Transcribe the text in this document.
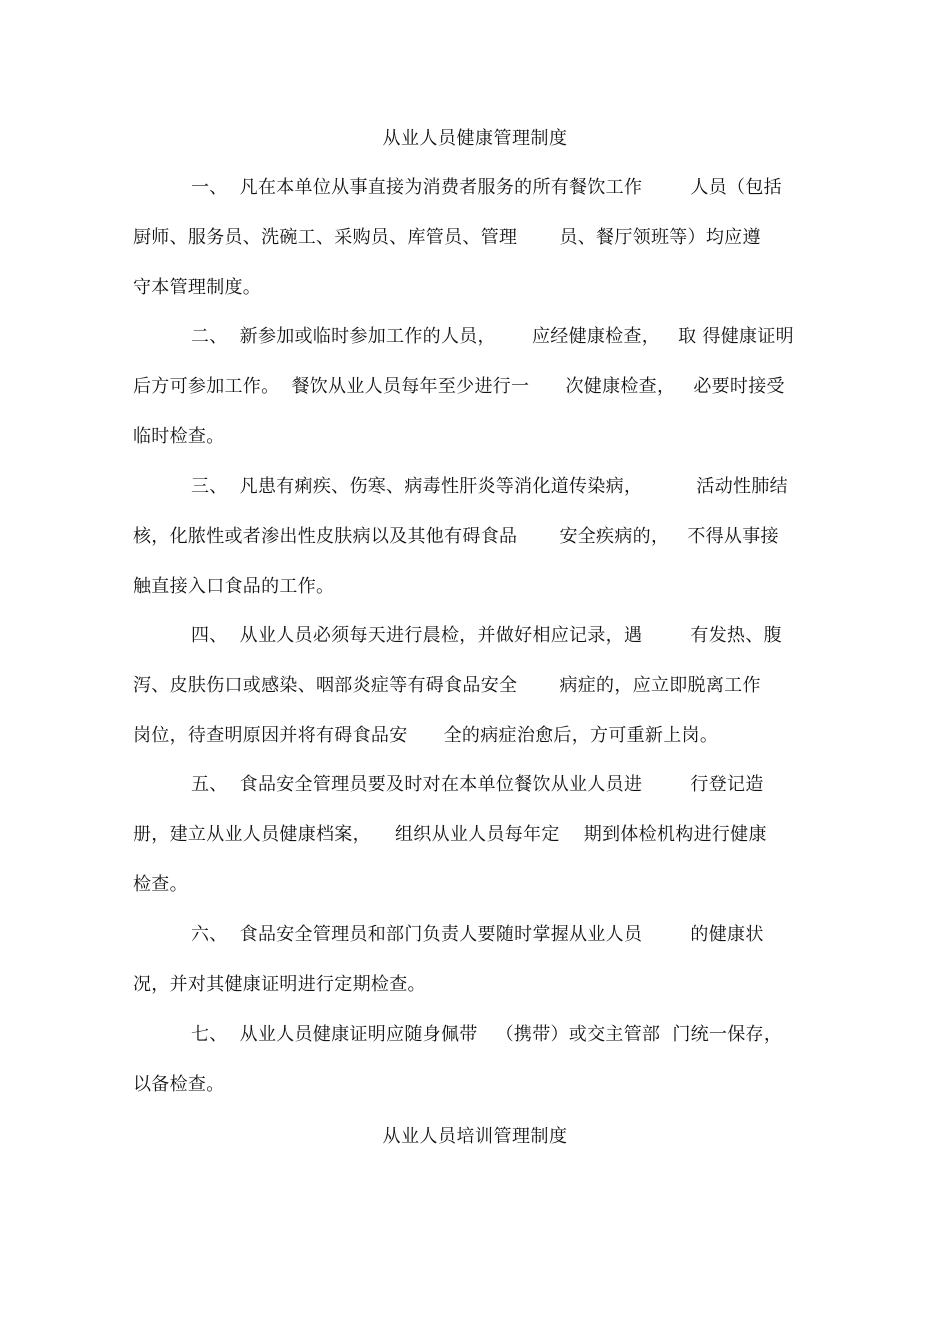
从业人员健康管理制度
一、  凡在本单位从事直接为消费者服务的所有餐饮工作        人员（包括
厨师、服务员、洗碗工、采购员、库管员、管理       员、餐厅领班等）均应遵
守本管理制度。
二、  新参加或临时参加工作的人员，      应经健康检查，   取 得健康证明
后方可参加工作。  餐饮从业人员每年至少进行一      次健康检查，   必要时接受
临时检查。
三、  凡患有痢疾、伤寒、病毒性肝炎等消化道传染病，         活动性肺结
核，化脓性或者渗出性皮肤病以及其他有碍食品       安全疾病的，   不得从事接
触直接入口食品的工作。
四、  从业人员必须每天进行晨检，并做好相应记录，遇        有发热、腹
泻、皮肤伤口或感染、咽部炎症等有碍食品安全       病症的，应立即脱离工作
岗位，待查明原因并将有碍食品安      全的病症治愈后，方可重新上岗。
五、  食品安全管理员要及时对在本单位餐饮从业人员进        行登记造
册，建立从业人员健康档案，    组织从业人员每年定    期到体检机构进行健康
检查。
六、  食品安全管理员和部门负责人要随时掌握从业人员        的健康状
况，并对其健康证明进行定期检查。
七、  从业人员健康证明应随身佩带   （携带）或交主管部  门统一保存，
以备检查。
从业人员培训管理制度
